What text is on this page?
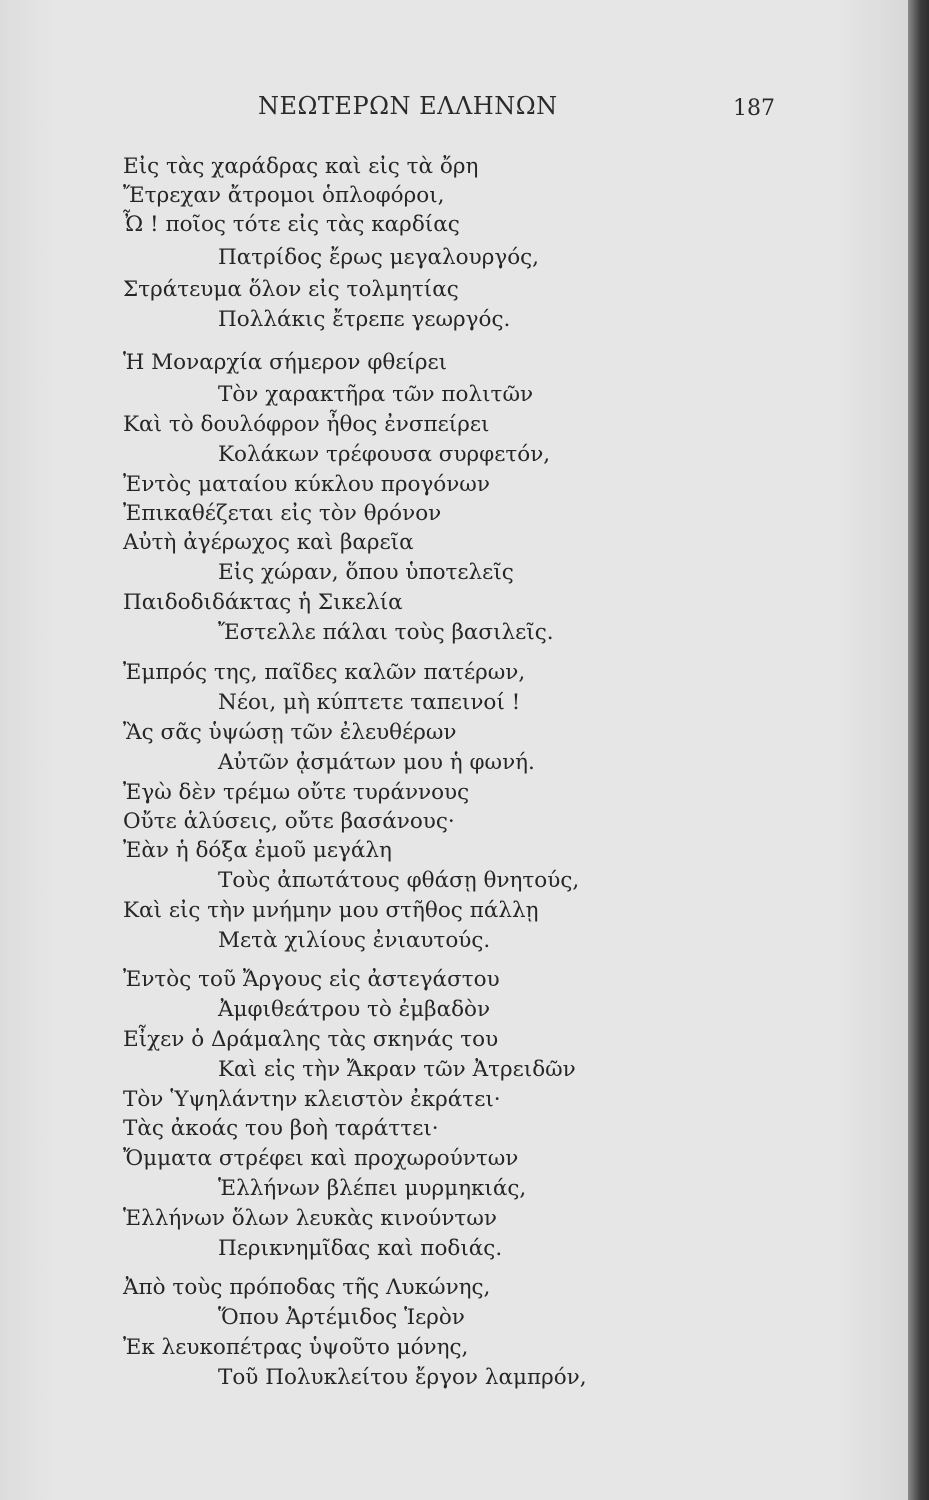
ΝΕΩΤΕΡΩΝ ΕΛΛΗΝΩΝ	187
Εἰς τὰς χαράδρας καὶ εἰς τὰ ὄρη
Ἔτρεχαν ἄτρομοι ὁπλοφόροι,
Ὦ ! ποῖος τότε εἰς τὰς καρδίας
Πατρίδος ἔρως μεγαλουργός,
Στράτευμα ὅλον εἰς τολμητίας
Πολλάκις ἔτρεπε γεωργός.
Ἡ Μοναρχία σήμερον φθείρει
Τὸν χαρακτῆρα τῶν πολιτῶν
Καὶ τὸ δουλόφρον ἦθος ἐνσπείρει
Κολάκων τρέφουσα συρφετόν,
Ἐντὸς ματαίου κύκλου προγόνων
Ἐπικαθέζεται εἰς τὸν θρόνον
Αὐτὴ ἀγέρωχος καὶ βαρεῖα
Εἰς χώραν, ὅπου ὑποτελεῖς
Παιδοδιδάκτας ἡ Σικελία
Ἔστελλε πάλαι τοὺς βασιλεῖς.
Ἐμπρός της, παῖδες καλῶν πατέρων,
Νέοι, μὴ κύπτετε ταπεινοί !
Ἂς σᾶς ὑψώσῃ τῶν ἐλευθέρων
Αὐτῶν ᾀσμάτων μου ἡ φωνή.
Ἐγὼ δὲν τρέμω οὔτε τυράννους
Οὔτε ἁλύσεις, οὔτε βασάνους·
Ἐὰν ἡ δόξα ἐμοῦ μεγάλη
Τοὺς ἀπωτάτους φθάσῃ θνητούς,
Καὶ εἰς τὴν μνήμην μου στῆθος πάλλῃ
Μετὰ χιλίους ἐνιαυτούς.
Ἐντὸς τοῦ Ἄργους εἰς ἀστεγάστου
Ἀμφιθεάτρου τὸ ἐμβαδὸν
Εἶχεν ὁ Δράμαλης τὰς σκηνάς του
Καὶ εἰς τὴν Ἄκραν τῶν Ἀτρειδῶν
Τὸν Ὑψηλάντην κλειστὸν ἐκράτει·
Τὰς ἀκοάς του βοὴ ταράττει·
Ὄμματα στρέφει καὶ προχωρούντων
Ἑλλήνων βλέπει μυρμηκιάς,
Ἑλλήνων ὅλων λευκὰς κινούντων
Περικνημῖδας καὶ ποδιάς.
Ἀπὸ τοὺς πρόποδας τῆς Λυκώνης,
Ὅπου Ἀρτέμιδος Ἱερὸν
Ἐκ λευκοπέτρας ὑψοῦτο μόνης,
Τοῦ Πολυκλείτου ἔργον λαμπρόν,
